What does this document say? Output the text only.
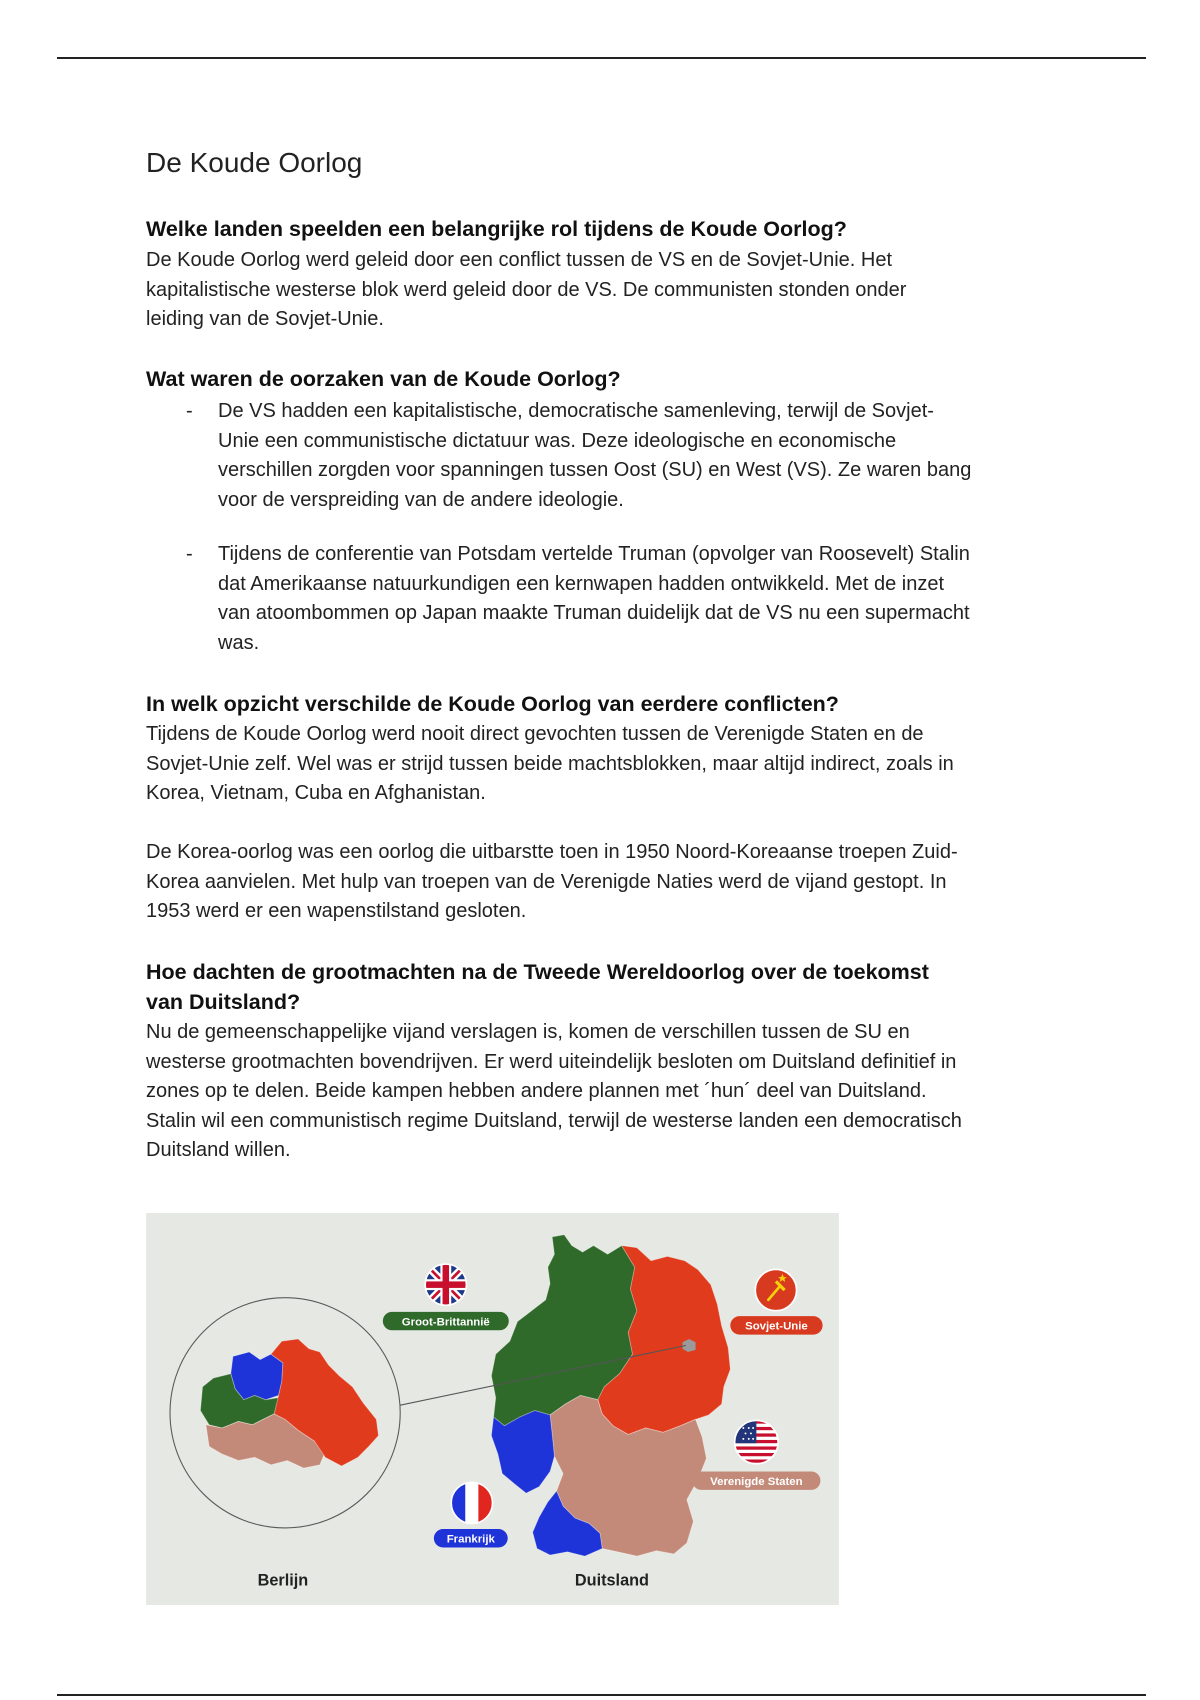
De Koude Oorlog
Welke landen speelden een belangrijke rol tijdens de Koude Oorlog?
De Koude Oorlog werd geleid door een conflict tussen de VS en de Sovjet-Unie. Het
kapitalistische westerse blok werd geleid door de VS. De communisten stonden onder
leiding van de Sovjet-Unie.
Wat waren de oorzaken van de Koude Oorlog?
- De VS hadden een kapitalistische, democratische samenleving, terwijl de Sovjet-
Unie een communistische dictatuur was. Deze ideologische en economische
verschillen zorgden voor spanningen tussen Oost (SU) en West (VS). Ze waren bang
voor de verspreiding van de andere ideologie.
- Tijdens de conferentie van Potsdam vertelde Truman (opvolger van Roosevelt) Stalin
dat Amerikaanse natuurkundigen een kernwapen hadden ontwikkeld. Met de inzet
van atoombommen op Japan maakte Truman duidelijk dat de VS nu een supermacht
was.
In welk opzicht verschilde de Koude Oorlog van eerdere conflicten?
Tijdens de Koude Oorlog werd nooit direct gevochten tussen de Verenigde Staten en de
Sovjet-Unie zelf. Wel was er strijd tussen beide machtsblokken, maar altijd indirect, zoals in
Korea, Vietnam, Cuba en Afghanistan.
De Korea-oorlog was een oorlog die uitbarstte toen in 1950 Noord-Koreaanse troepen Zuid-
Korea aanvielen. Met hulp van troepen van de Verenigde Naties werd de vijand gestopt. In
1953 werd er een wapenstilstand gesloten.
Hoe dachten de grootmachten na de Tweede Wereldoorlog over de toekomst
van Duitsland?
Nu de gemeenschappelijke vijand verslagen is, komen de verschillen tussen de SU en
westerse grootmachten bovendrijven. Er werd uiteindelijk besloten om Duitsland definitief in
zones op te delen. Beide kampen hebben andere plannen met ´hun´ deel van Duitsland.
Stalin wil een communistisch regime Duitsland, terwijl de westerse landen een democratisch
Duitsland willen.
Groot-Brittannië	Sovjet-Unie
Verenigde Staten
Frankrijk
Berlijn	Duitsland
